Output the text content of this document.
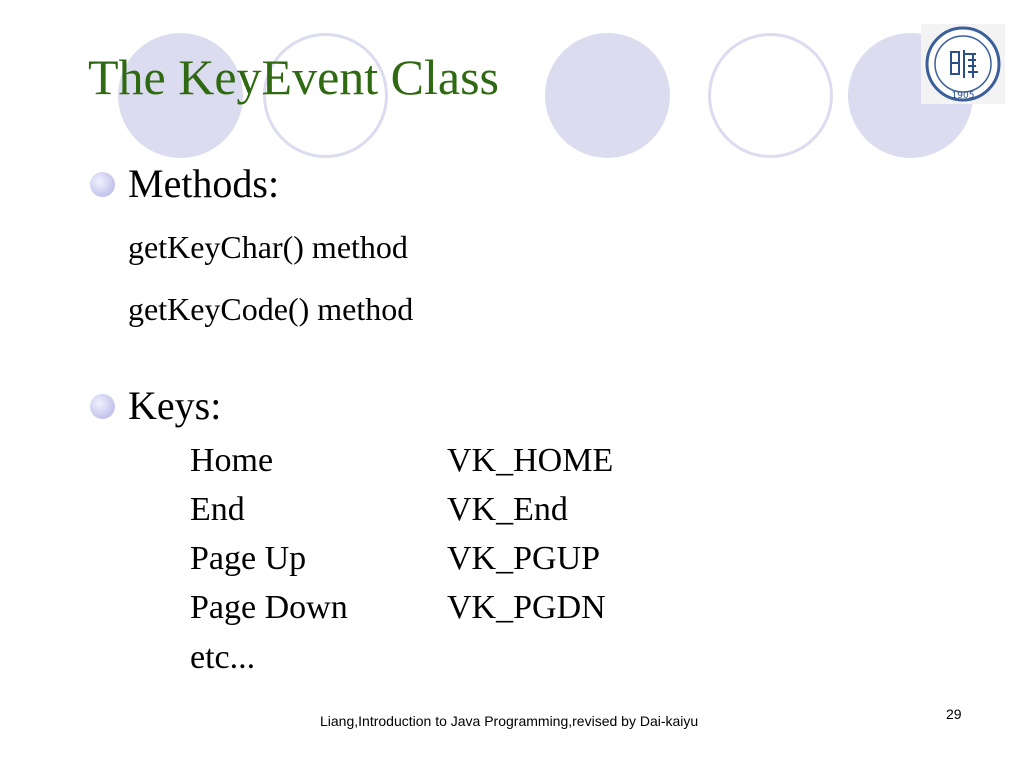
1905
The KeyEvent Class
Methods:
getKeyChar() method
getKeyCode() method
Keys:
Home	VK_HOME
End	VK_End
Page Up	VK_PGUP
Page Down	VK_PGDN
etc...
Liang,Introduction to Java Programming,revised by Dai-kaiyu	29
